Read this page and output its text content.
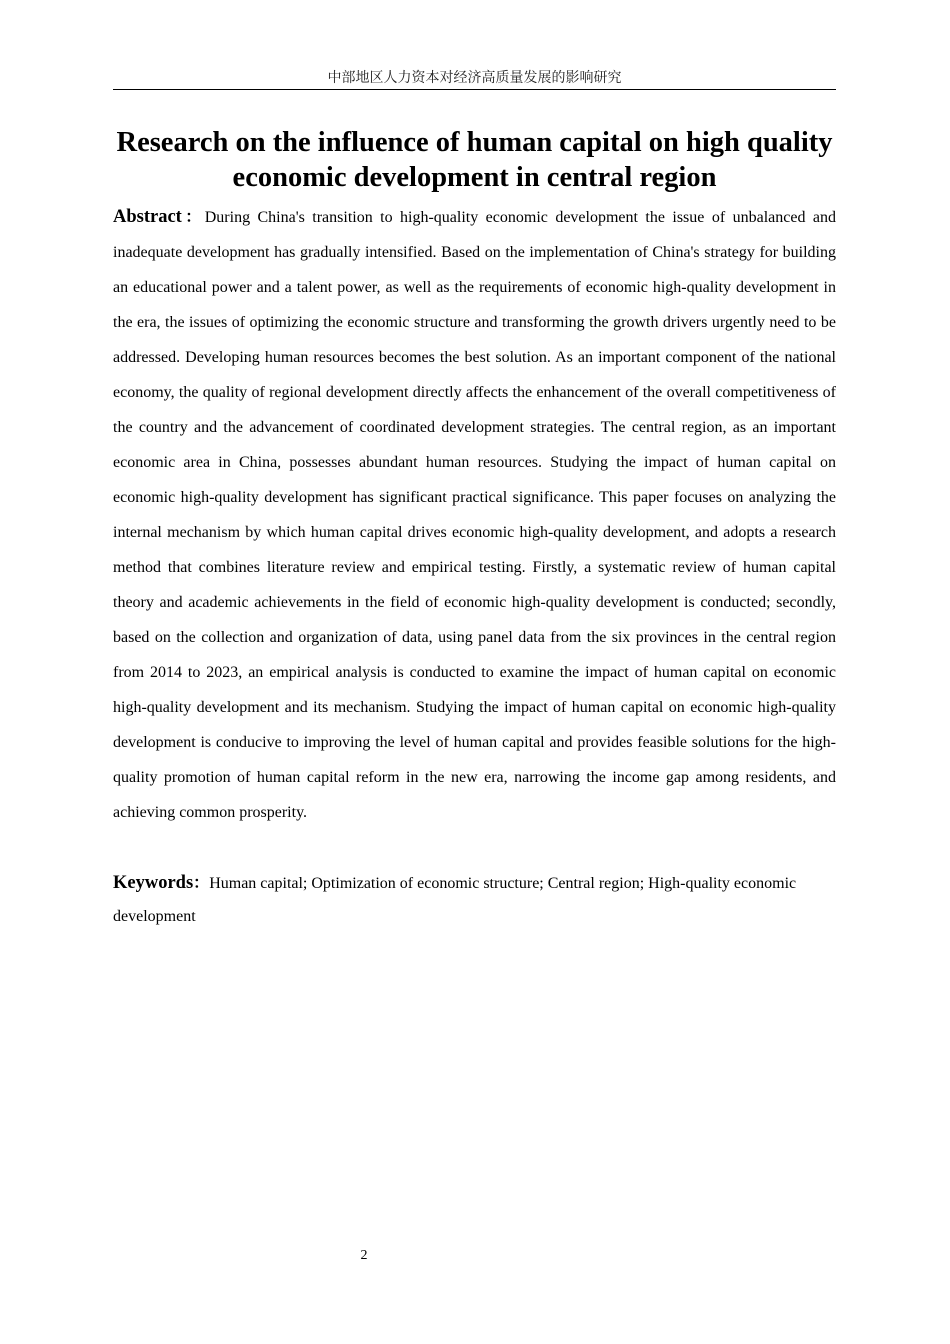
中部地区人力资本对经济高质量发展的影响研究
Research on the influence of human capital on high quality economic development in central region

Abstract：During China's transition to high-quality economic development the issue of unbalanced and inadequate development has gradually intensified. Based on the implementation of China's strategy for building an educational power and a talent power, as well as the requirements of economic high-quality development in the era, the issues of optimizing the economic structure and transforming the growth drivers urgently need to be addressed. Developing human resources becomes the best solution. As an important component of the national economy, the quality of regional development directly affects the enhancement of the overall competitiveness of the country and the advancement of coordinated development strategies. The central region, as an important economic area in China, possesses abundant human resources. Studying the impact of human capital on economic high-quality development has significant practical significance. This paper focuses on analyzing the internal mechanism by which human capital drives economic high-quality development, and adopts a research method that combines literature review and empirical testing. Firstly, a systematic review of human capital theory and academic achievements in the field of economic high-quality development is conducted; secondly, based on the collection and organization of data, using panel data from the six provinces in the central region from 2014 to 2023, an empirical analysis is conducted to examine the impact of human capital on economic high-quality development and its mechanism. Studying the impact of human capital on economic high-quality development is conducive to improving the level of human capital and provides feasible solutions for the high-quality promotion of human capital reform in the new era, narrowing the income gap among residents, and achieving common prosperity.

Keywords：Human capital; Optimization of economic structure; Central region; High-quality economic development

2
